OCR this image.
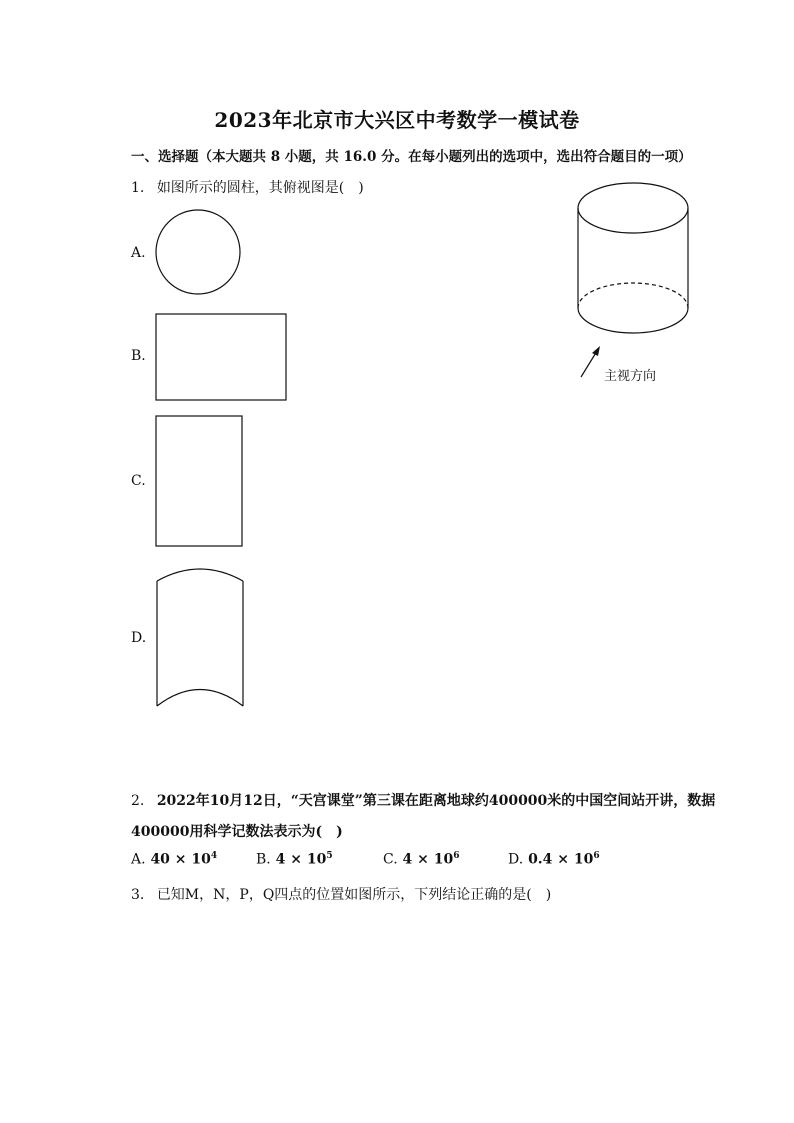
2023年北京市大兴区中考数学一模试卷
一、选择题（本大题共 8 小题，共 16.0 分。在每小题列出的选项中，选出符合题目的一项）
1. 如图所示的圆柱，其俯视图是(　)
主视方向
A.
B.
C.
D.
2. 2022年10月12日，“天宫课堂”第三课在距离地球约400000米的中国空间站开讲，数据
400000用科学记数法表示为(　)
A. $40 \times 10^4$	B. $4 \times 10^5$	C. $4 \times 10^6$	D. $0.4 \times 10^6$
3. 已知M，N，P，Q四点的位置如图所示，下列结论正确的是(　)
